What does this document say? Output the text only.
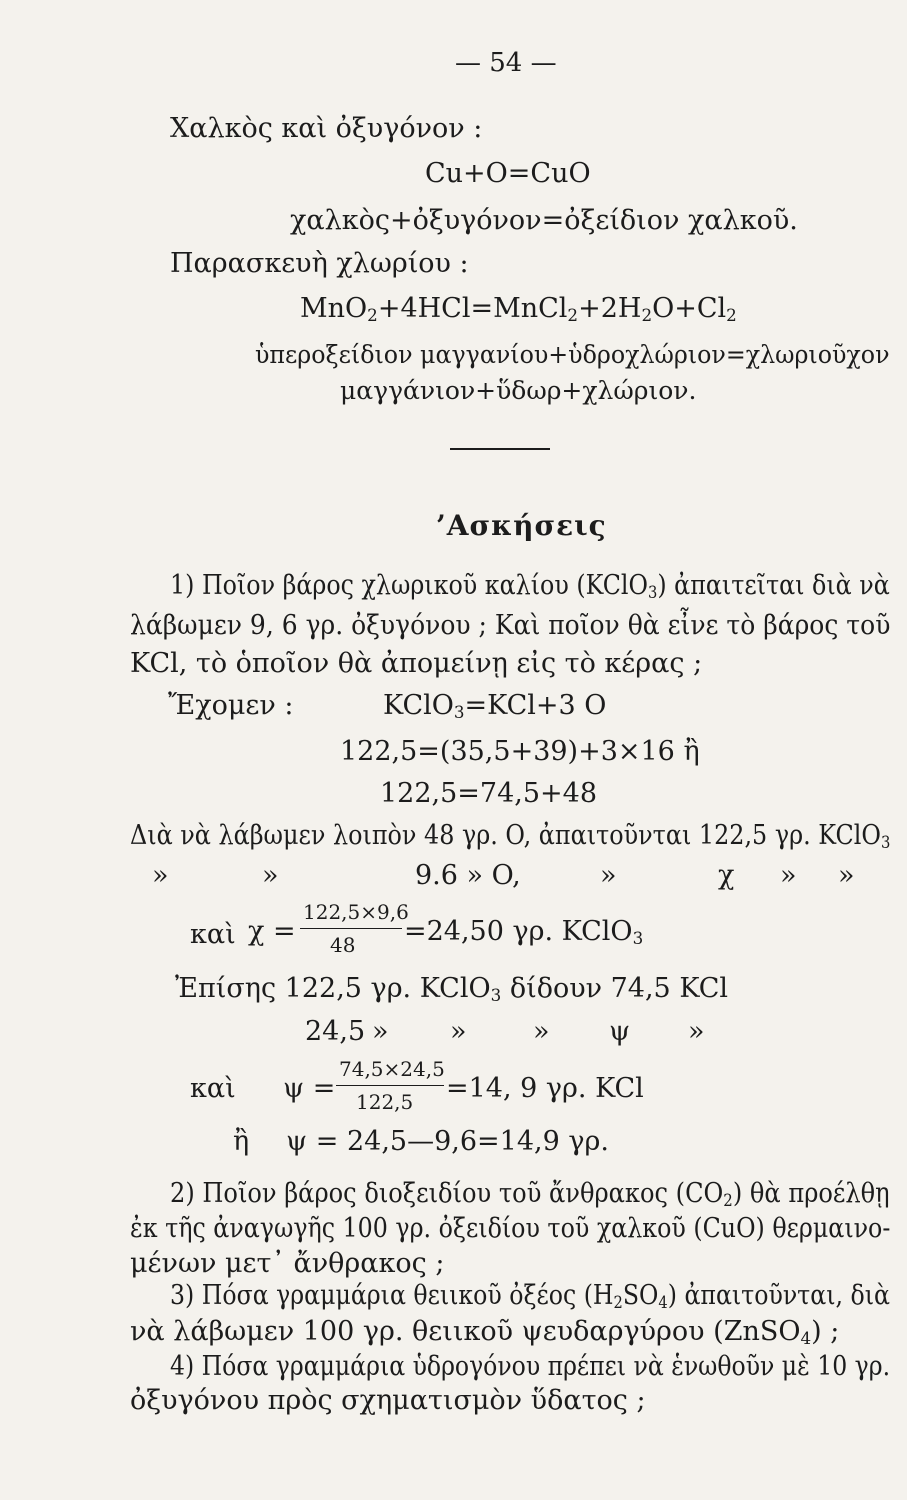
— 54 —
Χαλκὸς καὶ ὀξυγόνον :
Cu+O=CuO
χαλκὸς+ὀξυγόνον=ὀξείδιον χαλκοῦ.
Παρασκευὴ χλωρίου :
$MnO_2+4HCl=MnCl_2+2H_2O+Cl_2$
ὑπεροξείδιον μαγγανίου+ὑδροχλώριον=χλωριοῦχον
μαγγάνιον+ὕδωρ+χλώριον.
’Ασκήσεις
1) Ποῖον βάρος χλωρικοῦ καλίου (KClO$_3$) ἀπαιτεῖται διὰ νὰ
λάβωμεν 9, 6 γρ. ὀξυγόνου ; Καὶ ποῖον θὰ εἶνε τὸ βάρος τοῦ
KCl, τὸ ὁποῖον θὰ ἀπομείνῃ εἰς τὸ κέρας ;
Ἔχομεν :	KClO$_3$=KCl+3 O
122,5=(35,5+39)+3×16 ἢ
122,5=74,5+48
Διὰ νὰ λάβωμεν λοιπὸν 48 γρ. O, ἀπαιτοῦνται 122,5 γρ. KClO$_3$
»	»	9.6 » O,	»	χ » »
καὶ χ =
122,5×9,6
48 =24,50 γρ. KClO$_3$
Ἐπίσης 122,5 γρ. KClO$_3$ δίδουν 74,5 KCl
24,5 » » » ψ »
καὶ ψ =
74,5×24,5
122,5 =14, 9 γρ. KCl
ἢ ψ = 24,5—9,6=14,9 γρ.
2) Ποῖον βάρος διοξειδίου τοῦ ἄνθρακος $(CO_2)$ θὰ προέλθῃ
ἐκ τῆς ἀναγωγῆς 100 γρ. ὀξειδίου τοῦ χαλκοῦ (CuO) θερμαινο-
μένων μετ᾽ ἄνθρακος ;
3) Πόσα γραμμάρια θειικοῦ ὀξέος $(H_2SO_4)$ ἀπαιτοῦνται, διὰ
νὰ λάβωμεν 100 γρ. θειικοῦ ψευδαργύρου (ZnSO$_4$) ;
4) Πόσα γραμμάρια ὑδρογόνου πρέπει νὰ ἑνωθοῦν μὲ 10 γρ.
ὀξυγόνου πρὸς σχηματισμὸν ὕδατος ;
